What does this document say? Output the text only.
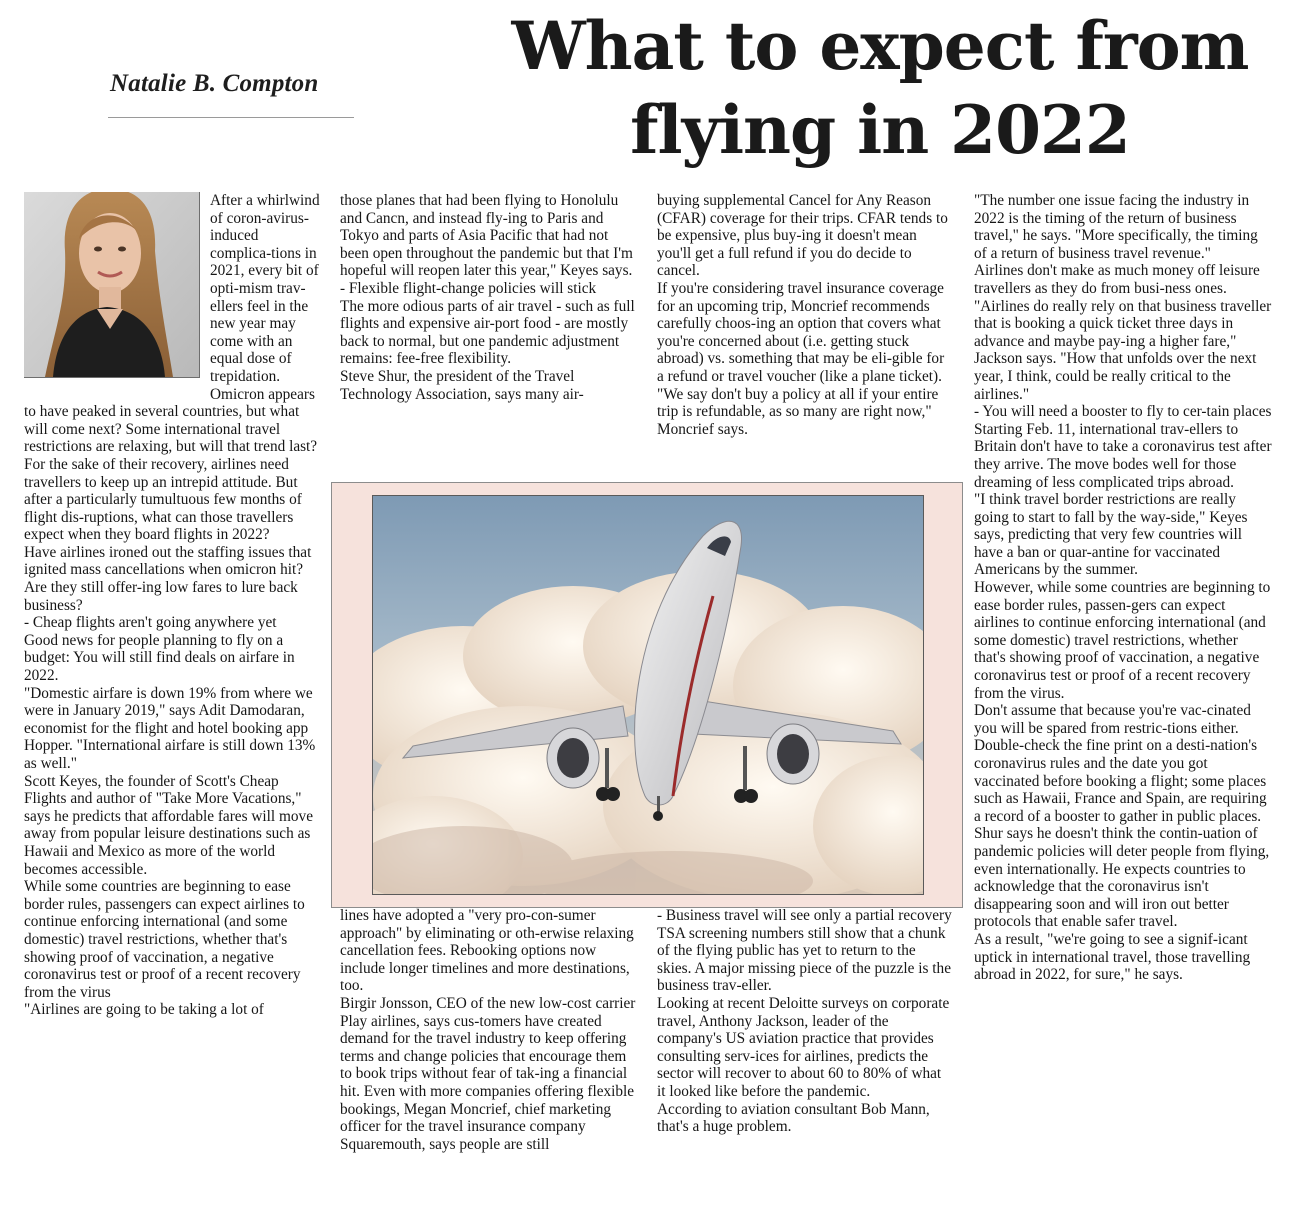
What to expect from
flying in 2022

Natalie B. Compton

After a whirlwind of coron-avirus-induced complica-tions in 2021, every bit of opti-mism trav-ellers feel in the new year may come with an equal dose of trepidation. Omicron appears to have peaked in several countries, but what will come next? Some international travel restrictions are relaxing, but will that trend last?

For the sake of their recovery, airlines need travellers to keep up an intrepid attitude. But after a particularly tumultuous few months of flight dis-ruptions, what can those travellers expect when they board flights in 2022?

Have airlines ironed out the staffing issues that ignited mass cancellations when omicron hit? Are they still offer-ing low fares to lure back business?

- Cheap flights aren't going anywhere yet

Good news for people planning to fly on a budget: You will still find deals on airfare in 2022.

"Domestic airfare is down 19% from where we were in January 2019," says Adit Damodaran, economist for the flight and hotel booking app Hopper. "International airfare is still down 13% as well."

Scott Keyes, the founder of Scott's Cheap Flights and author of "Take More Vacations," says he predicts that affordable fares will move away from popular leisure destinations such as Hawaii and Mexico as more of the world becomes accessible.

While some countries are beginning to ease border rules, passengers can expect airlines to continue enforcing international (and some domestic) travel restrictions, whether that's showing proof of vaccination, a negative coronavirus test or proof of a recent recovery from the virus

"Airlines are going to be taking a lot of

those planes that had been flying to Honolulu and Cancn, and instead fly-ing to Paris and Tokyo and parts of Asia Pacific that had not been open throughout the pandemic but that I'm hopeful will reopen later this year," Keyes says.

- Flexible flight-change policies will stick

The more odious parts of air travel - such as full flights and expensive air-port food - are mostly back to normal, but one pandemic adjustment remains: fee-free flexibility.

Steve Shur, the president of the Travel Technology Association, says many air-

buying supplemental Cancel for Any Reason (CFAR) coverage for their trips. CFAR tends to be expensive, plus buy-ing it doesn't mean you'll get a full refund if you do decide to cancel.

If you're considering travel insurance coverage for an upcoming trip, Moncrief recommends carefully choos-ing an option that covers what you're concerned about (i.e. getting stuck abroad) vs. something that may be eli-gible for a refund or travel voucher (like a plane ticket).

"We say don't buy a policy at all if your entire trip is refundable, as so many are right now," Moncrief says.

lines have adopted a "very pro-con-sumer approach" by eliminating or oth-erwise relaxing cancellation fees. Rebooking options now include longer timelines and more destinations, too.

Birgir Jonsson, CEO of the new low-cost carrier Play airlines, says cus-tomers have created demand for the travel industry to keep offering terms and change policies that encourage them to book trips without fear of tak-ing a financial hit. Even with more companies offering flexible bookings, Megan Moncrief, chief marketing officer for the travel insurance company Squaremouth, says people are still

- Business travel will see only a partial recovery

TSA screening numbers still show that a chunk of the flying public has yet to return to the skies. A major missing piece of the puzzle is the business trav-eller.

Looking at recent Deloitte surveys on corporate travel, Anthony Jackson, leader of the company's US aviation practice that provides consulting serv-ices for airlines, predicts the sector will recover to about 60 to 80% of what it looked like before the pandemic.

According to aviation consultant Bob Mann, that's a huge problem.

"The number one issue facing the industry in 2022 is the timing of the return of business travel," he says. "More specifically, the timing of a return of business travel revenue."

Airlines don't make as much money off leisure travellers as they do from busi-ness ones.

"Airlines do really rely on that business traveller that is booking a quick ticket three days in advance and maybe pay-ing a higher fare," Jackson says. "How that unfolds over the next year, I think, could be really critical to the airlines."

- You will need a booster to fly to cer-tain places

Starting Feb. 11, international trav-ellers to Britain don't have to take a coronavirus test after they arrive. The move bodes well for those dreaming of less complicated trips abroad.

"I think travel border restrictions are really going to start to fall by the way-side," Keyes says, predicting that very few countries will have a ban or quar-antine for vaccinated Americans by the summer.

However, while some countries are beginning to ease border rules, passen-gers can expect airlines to continue enforcing international (and some domestic) travel restrictions, whether that's showing proof of vaccination, a negative coronavirus test or proof of a recent recovery from the virus.

Don't assume that because you're vac-cinated you will be spared from restric-tions either.

Double-check the fine print on a desti-nation's coronavirus rules and the date you got vaccinated before booking a flight; some places such as Hawaii, France and Spain, are requiring a record of a booster to gather in public places.

Shur says he doesn't think the contin-uation of pandemic policies will deter people from flying, even internationally. He expects countries to acknowledge that the coronavirus isn't disappearing soon and will iron out better protocols that enable safer travel.

As a result, "we're going to see a signif-icant uptick in international travel, those travelling abroad in 2022, for sure," he says.
